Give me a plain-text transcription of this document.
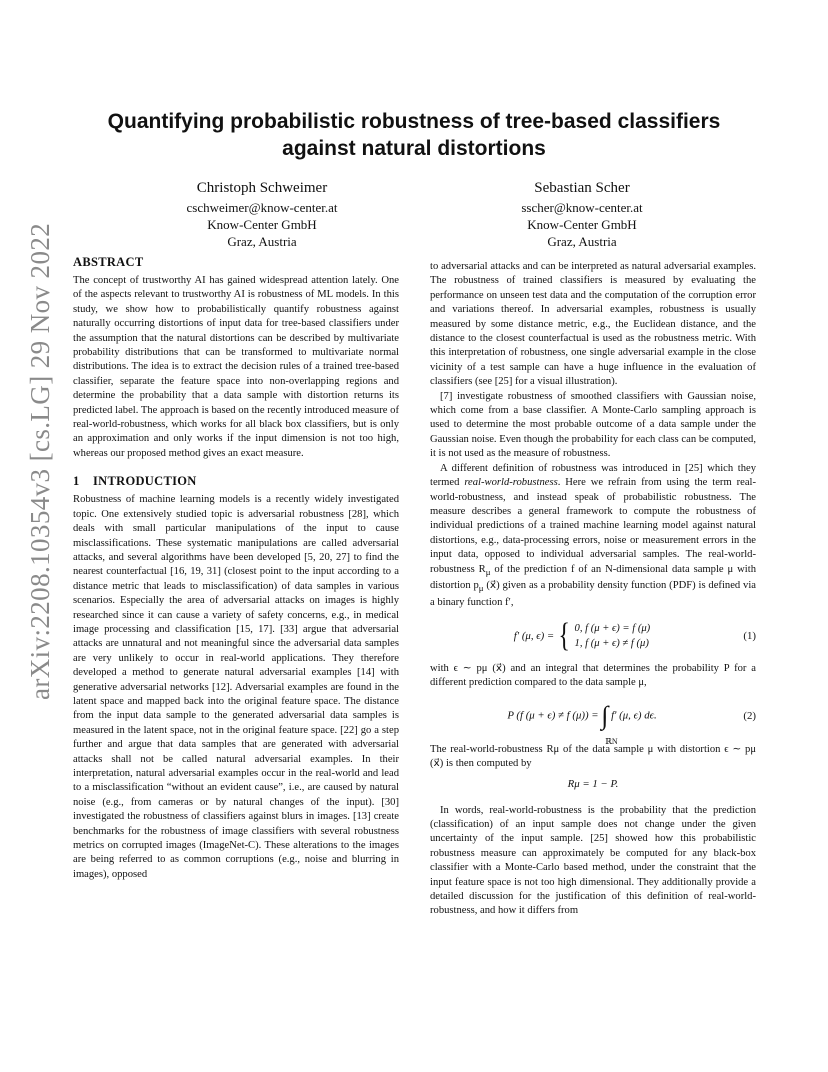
arXiv:2208.10354v3 [cs.LG] 29 Nov 2022
Quantifying probabilistic robustness of tree-based classifiers against natural distortions
Christoph Schweimer
cschweimer@know-center.at
Know-Center GmbH
Graz, Austria
Sebastian Scher
sscher@know-center.at
Know-Center GmbH
Graz, Austria
ABSTRACT

The concept of trustworthy AI has gained widespread attention lately. One of the aspects relevant to trustworthy AI is robustness of ML models. In this study, we show how to probabilistically quantify robustness against naturally occurring distortions of input data for tree-based classifiers under the assumption that the natural distortions can be described by multivariate probability distributions that can be transformed to multivariate normal distributions. The idea is to extract the decision rules of a trained tree-based classifier, separate the feature space into non-overlapping regions and determine the probability that a data sample with distortion returns its predicted label. The approach is based on the recently introduced measure of real-world-robustness, which works for all black box classifiers, but is only an approximation and only works if the input dimension is not too high, whereas our proposed method gives an exact measure.

1 INTRODUCTION

Robustness of machine learning models is a recently widely investigated topic. One extensively studied topic is adversarial robustness [28], which deals with small particular manipulations of the input to cause misclassifications. These systematic manipulations are called adversarial attacks, and several algorithms have been developed [5, 20, 27] to find the nearest counterfactual [16, 19, 31] (closest point to the input according to a distance metric that leads to misclassification) of data samples in various scenarios. Especially the area of adversarial attacks on images is highly researched since it can cause a variety of safety concerns, e.g., in medical image processing and classification [15, 17]. [33] argue that adversarial attacks are unnatural and not meaningful since the adversarial data samples are very unlikely to occur in real-world applications. They therefore developed a method to generate natural adversarial examples [14] with generative adversarial networks [12]. Adversarial examples are found in the latent space and mapped back into the original feature space. The distance from the input data sample to the generated adversarial data samples is measured in the latent space, not in the original feature space. [22] go a step further and argue that data samples that are generated with adversarial attacks shall not be called natural adversarial examples. In their interpretation, natural adversarial examples occur in the real-world and lead to a misclassification “without an evident cause”, i.e., are caused by natural noise (e.g., from cameras or by natural changes of the input). [30] investigated the robustness of classifiers against blurs in images. [13] create benchmarks for the robustness of image classifiers with several robustness metrics on corrupted images (ImageNet-C). These alterations to the images are being referred to as common corruptions (e.g., noise and blurring in images), opposed

to adversarial attacks and can be interpreted as natural adversarial examples. The robustness of trained classifiers is measured by evaluating the performance on unseen test data and the computation of the corruption error and variations thereof. In adversarial examples, robustness is usually measured by some distance metric, e.g., the Euclidean distance, and the distance to the closest counterfactual is used as the robustness metric. With this interpretation of robustness, one single adversarial example in the close vicinity of a test sample can have a huge influence in the evaluation of classifiers (see [25] for a visual illustration).

[7] investigate robustness of smoothed classifiers with Gaussian noise, which come from a base classifier. A Monte-Carlo sampling approach is used to determine the most probable outcome of a data sample under the Gaussian noise. Even though the probability for each class can be computed, it is not used as the measure of robustness.

A different definition of robustness was introduced in [25] which they termed real-world-robustness. Here we refrain from using the term real-world-robustness, and instead speak of probabilistic robustness. The measure describes a general framework to compute the robustness of individual predictions of a trained machine learning model against natural distortions, e.g., data-processing errors, noise or measurement errors in the input data, opposed to individual adversarial samples. The real-world-robustness $R_\mu$ of the prediction f of an N-dimensional data sample μ with distortion $p_\mu$ (x⃗) given as a probability density function (PDF) is defined via a binary function f′,

f′ (μ, ϵ) = { 0, f (μ + ϵ) = f (μ)
1, f (μ + ϵ) ≠ f (μ)
(1)

with ϵ ∼ pμ (x⃗) and an integral that determines the probability P for a different prediction compared to the data sample μ,

P (f (μ + ϵ) ≠ f (μ)) = ∫
ℝN
f′ (μ, ϵ) dϵ.	(2)

The real-world-robustness Rμ of the data sample μ with distortion ϵ ∼ pμ (x⃗) is then computed by

Rμ = 1 − P.

In words, real-world-robustness is the probability that the prediction (classification) of an input sample does not change under the given uncertainty of the input sample. [25] showed how this probabilistic robustness measure can approximately be computed for any black-box classifier with a Monte-Carlo based method, under the constraint that the input feature space is not too high dimensional. They additionally provide a detailed discussion for the justification of this definition of real-world-robustness, and how it differs from
